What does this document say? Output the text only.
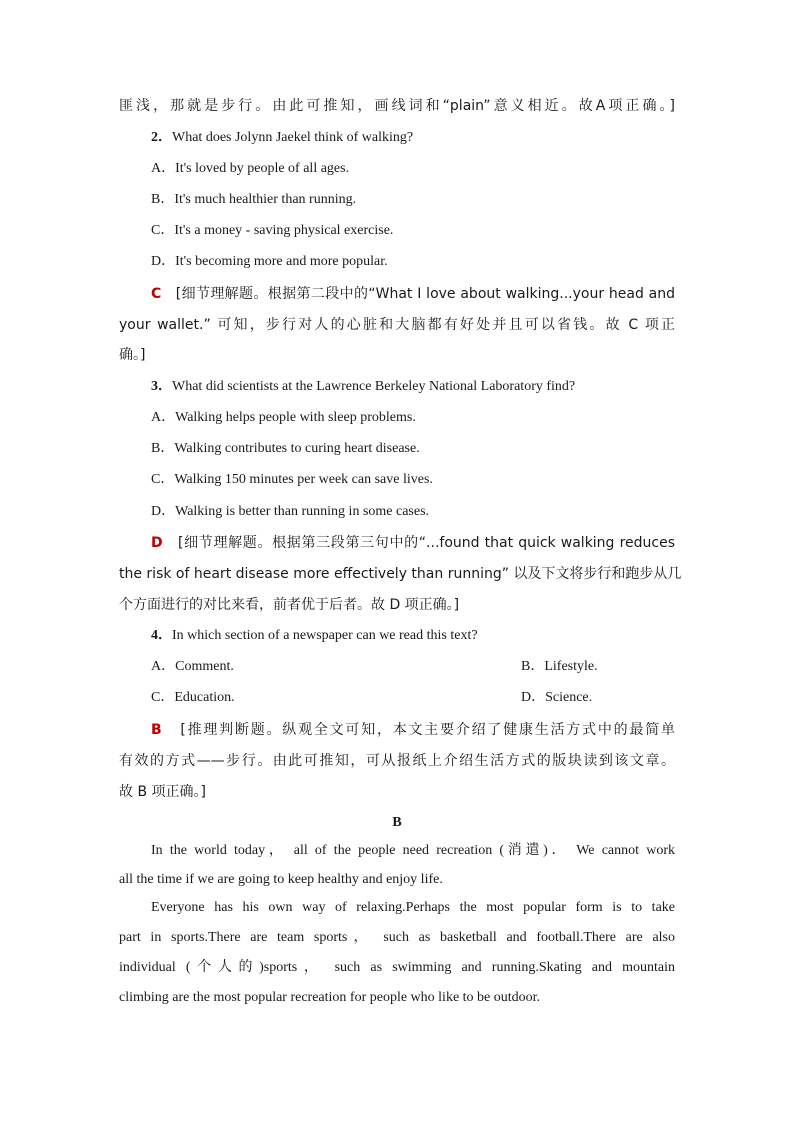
匪浅，那就是步行。由此可推知，画线词和“plain”意义相近。故A项正确。]
2．What does Jolynn Jaekel think of walking?
A．It's loved by people of all ages.
B．It's much healthier than running.
C．It's a money - saving physical exercise.
D．It's becoming more and more popular.
C [细节理解题。根据第二段中的“What I love about walking...your head and
your wallet.” 可知，步行对人的心脏和大脑都有好处并且可以省钱。故 C 项正
确。]
3．What did scientists at the Lawrence Berkeley National Laboratory find?
A．Walking helps people with sleep problems.
B．Walking contributes to curing heart disease.
C．Walking 150 minutes per week can save lives.
D．Walking is better than running in some cases.
D [细节理解题。根据第三段第三句中的“...found that quick walking reduces
the risk of heart disease more effectively than running” 以及下文将步行和跑步从几
个方面进行的对比来看，前者优于后者。故 D 项正确。]
4．In which section of a newspaper can we read this text?
A．Comment.	B．Lifestyle.
C．Education.	D．Science.
B [推理判断题。纵观全文可知，本文主要介绍了健康生活方式中的最简单
有效的方式——步行。由此可推知，可从报纸上介绍生活方式的版块读到该文章。
故 B 项正确。]
B
In the world today， all of the people need recreation (消遣)． We cannot work
all the time if we are going to keep healthy and enjoy life.
Everyone has his own way of relaxing.Perhaps the most popular form is to take
part in sports.There are team sports， such as basketball and football.There are also
individual (个人的)sports， such as swimming and running.Skating and mountain
climbing are the most popular recreation for people who like to be outdoor.
